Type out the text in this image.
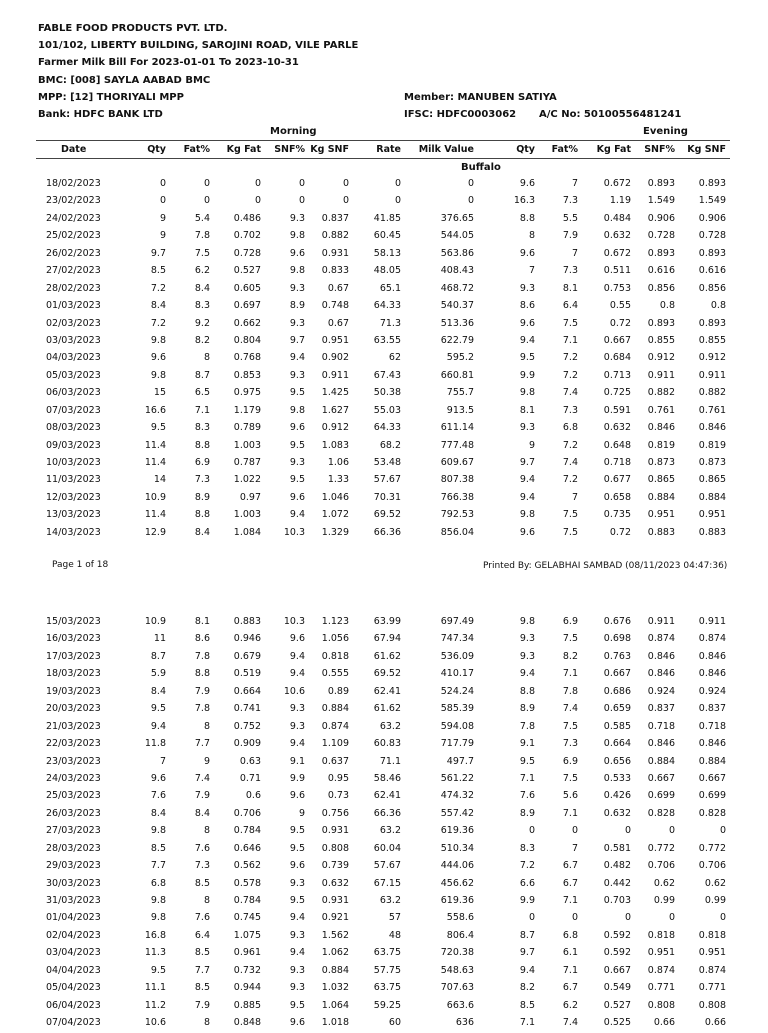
FABLE FOOD PRODUCTS PVT. LTD.
101/102, LIBERTY BUILDING, SAROJINI ROAD, VILE PARLE
Farmer Milk Bill For 2023-01-01 To 2023-10-31
BMC: [008] SAYLA AABAD BMC
MPP: [12] THORIYALI MPP
Bank: HDFC BANK LTD
Member: MANUBEN SATIYA
IFSC: HDFC0003062 A/C No: 50100556481241
Morning	Evening
Date	Qty Fat% Kg Fat SNF% Kg SNF	Rate Milk Value	Qty Fat% Kg Fat SNF% Kg SNF
Buffalo
18/02/2023	0	0	0	0	0	0	0	9.6	7	0.672 0.893	0.893
23/02/2023	0	0	0	0	0	0	0	16.3	7.3	1.19 1.549	1.549
24/02/2023	9	5.4	0.486	9.3 0.837	41.85	376.65	8.8	5.5	0.484 0.906	0.906
25/02/2023	9	7.8	0.702	9.8 0.882	60.45	544.05	8	7.9	0.632 0.728	0.728
26/02/2023	9.7	7.5	0.728	9.6 0.931	58.13	563.86	9.6	7	0.672 0.893	0.893
27/02/2023	8.5	6.2	0.527	9.8 0.833	48.05	408.43	7	7.3	0.511 0.616	0.616
28/02/2023	7.2	8.4	0.605	9.3 0.67	65.1	468.72	9.3	8.1	0.753 0.856	0.856
01/03/2023	8.4	8.3	0.697	8.9 0.748	64.33	540.37	8.6	6.4	0.55	0.8	0.8
02/03/2023	7.2	9.2	0.662	9.3 0.67	71.3	513.36	9.6	7.5	0.72 0.893	0.893
03/03/2023	9.8	8.2	0.804	9.7 0.951	63.55	622.79	9.4	7.1	0.667 0.855	0.855
04/03/2023	9.6	8	0.768	9.4 0.902	62	595.2	9.5	7.2	0.684 0.912	0.912
05/03/2023	9.8	8.7	0.853	9.3 0.911	67.43	660.81	9.9	7.2	0.713 0.911	0.911
06/03/2023	15	6.5	0.975	9.5 1.425	50.38	755.7	9.8	7.4	0.725 0.882	0.882
07/03/2023	16.6	7.1	1.179	9.8 1.627	55.03	913.5	8.1	7.3	0.591 0.761	0.761
08/03/2023	9.5	8.3	0.789	9.6 0.912	64.33	611.14	9.3	6.8	0.632 0.846	0.846
09/03/2023	11.4	8.8	1.003	9.5 1.083	68.2	777.48	9	7.2	0.648 0.819	0.819
10/03/2023	11.4	6.9	0.787	9.3 1.06	53.48	609.67	9.7	7.4	0.718 0.873	0.873
11/03/2023	14	7.3	1.022	9.5 1.33	57.67	807.38	9.4	7.2	0.677 0.865	0.865
12/03/2023	10.9	8.9	0.97	9.6 1.046	70.31	766.38	9.4	7	0.658 0.884	0.884
13/03/2023	11.4	8.8	1.003	9.4 1.072	69.52	792.53	9.8	7.5	0.735 0.951	0.951
14/03/2023	12.9	8.4	1.084 10.3 1.329	66.36	856.04	9.6	7.5	0.72 0.883	0.883
Page 1 of 18	Printed By: GELABHAI SAMBAD (08/11/2023 04:47:36)
15/03/2023	10.9	8.1	0.883 10.3 1.123	63.99	697.49	9.8	6.9	0.676 0.911	0.911
16/03/2023	11	8.6	0.946	9.6 1.056	67.94	747.34	9.3	7.5	0.698 0.874	0.874
17/03/2023	8.7	7.8	0.679	9.4 0.818	61.62	536.09	9.3	8.2	0.763 0.846	0.846
18/03/2023	5.9	8.8	0.519	9.4 0.555	69.52	410.17	9.4	7.1	0.667 0.846	0.846
19/03/2023	8.4	7.9	0.664 10.6 0.89	62.41	524.24	8.8	7.8	0.686 0.924	0.924
20/03/2023	9.5	7.8	0.741	9.3 0.884	61.62	585.39	8.9	7.4	0.659 0.837	0.837
21/03/2023	9.4	8	0.752	9.3 0.874	63.2	594.08	7.8	7.5	0.585 0.718	0.718
22/03/2023	11.8	7.7	0.909	9.4 1.109	60.83	717.79	9.1	7.3	0.664 0.846	0.846
23/03/2023	7	9	0.63	9.1 0.637	71.1	497.7	9.5	6.9	0.656 0.884	0.884
24/03/2023	9.6	7.4	0.71	9.9 0.95	58.46	561.22	7.1	7.5	0.533 0.667	0.667
25/03/2023	7.6	7.9	0.6	9.6 0.73	62.41	474.32	7.6	5.6	0.426 0.699	0.699
26/03/2023	8.4	8.4	0.706	9 0.756	66.36	557.42	8.9	7.1	0.632 0.828	0.828
27/03/2023	9.8	8	0.784	9.5 0.931	63.2	619.36	0	0	0	0	0
28/03/2023	8.5	7.6	0.646	9.5 0.808	60.04	510.34	8.3	7	0.581 0.772	0.772
29/03/2023	7.7	7.3	0.562	9.6 0.739	57.67	444.06	7.2	6.7	0.482 0.706	0.706
30/03/2023	6.8	8.5	0.578	9.3 0.632	67.15	456.62	6.6	6.7	0.442 0.62	0.62
31/03/2023	9.8	8	0.784	9.5 0.931	63.2	619.36	9.9	7.1	0.703 0.99	0.99
01/04/2023	9.8	7.6	0.745	9.4 0.921	57	558.6	0	0	0	0	0
02/04/2023	16.8	6.4	1.075	9.3 1.562	48	806.4	8.7	6.8	0.592 0.818	0.818
03/04/2023	11.3	8.5	0.961	9.4 1.062	63.75	720.38	9.7	6.1	0.592 0.951	0.951
04/04/2023	9.5	7.7	0.732	9.3 0.884	57.75	548.63	9.4	7.1	0.667 0.874	0.874
05/04/2023	11.1	8.5	0.944	9.3 1.032	63.75	707.63	8.2	6.7	0.549 0.771	0.771
06/04/2023	11.2	7.9	0.885	9.5 1.064	59.25	663.6	8.5	6.2	0.527 0.808	0.808
07/04/2023	10.6	8	0.848	9.6 1.018	60	636	7.1	7.4	0.525 0.66	0.66
